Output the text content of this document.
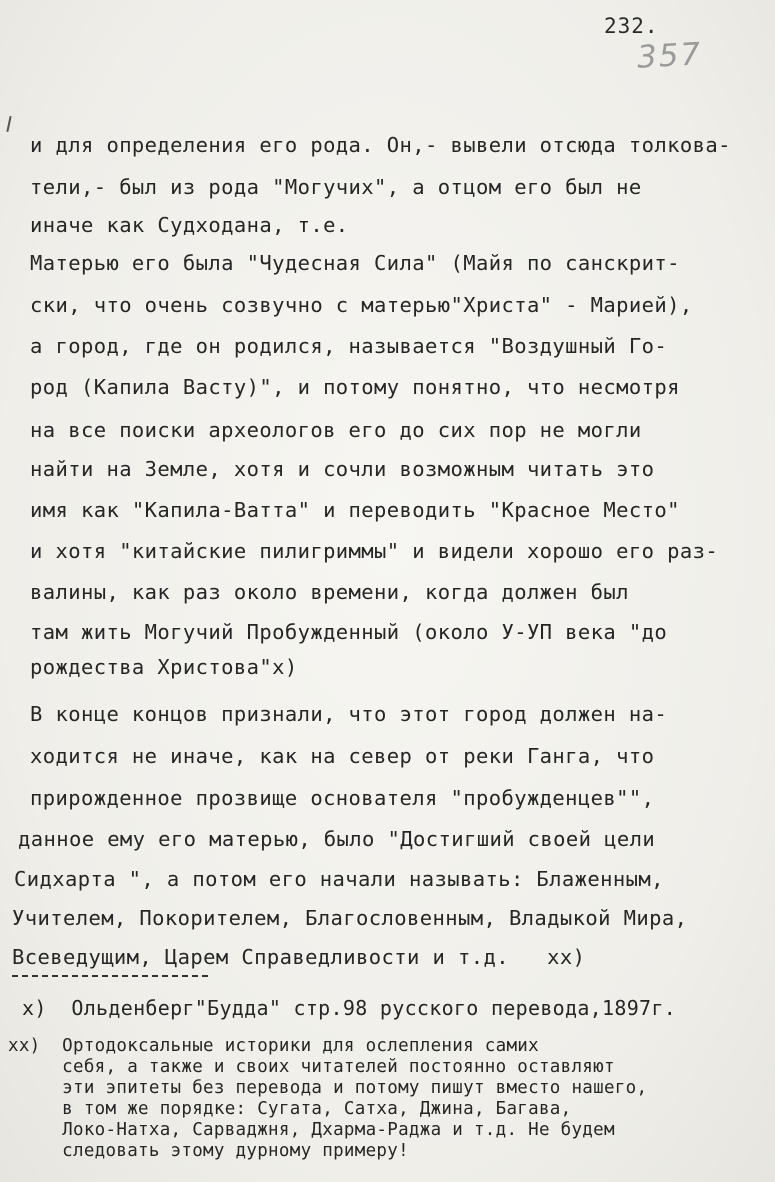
232.
357
и для определения его рода. Он,- вывели отсюда толкова-
тели,- был из рода "Могучих", а отцом его был не
иначе как Судходана, т.е.
Матерью его была "Чудесная Сила" (Майя по санскрит-
ски, что очень созвучно с матерью"Христа" - Марией),
а город, где он родился, называется "Воздушный Го-
род (Капила Васту)", и потому понятно, что несмотря
на все поиски археологов его до сих пор не могли
найти на Земле, хотя и сочли возможным читать это
имя как "Капила-Ватта" и переводить "Красное Место"
и хотя "китайские пилигриммы" и видели хорошо его раз-
валины, как раз около времени, когда должен был
там жить Могучий Пробужденный (около У-УП века "до
рождества Христова"х)
В конце концов признали, что этот город должен на-
ходится не иначе, как на север от реки Ганга, что
прирожденное прозвище основателя "пробужденцев"",
данное ему его матерью, было "Достигший своей цели
Сидхарта ", а потом его начали называть: Блаженным,
Учителем, Покорителем, Благословенным, Владыкой Мира,
Всеведущим, Царем Справедливости и т.д.   хх)
х)  Ольденберг"Будда" стр.98 русского перевода,1897г.
хх)  Ортодоксальные историки для ослепления самих
себя, а также и своих читателей постоянно оставляют
эти эпитеты без перевода и потому пишут вместо нашего,
в том же порядке: Сугата, Сатха, Джина, Багава,
Локо-Натха, Сарваджня, Дхарма-Раджа и т.д. Не будем
следовать этому дурному примеру!
